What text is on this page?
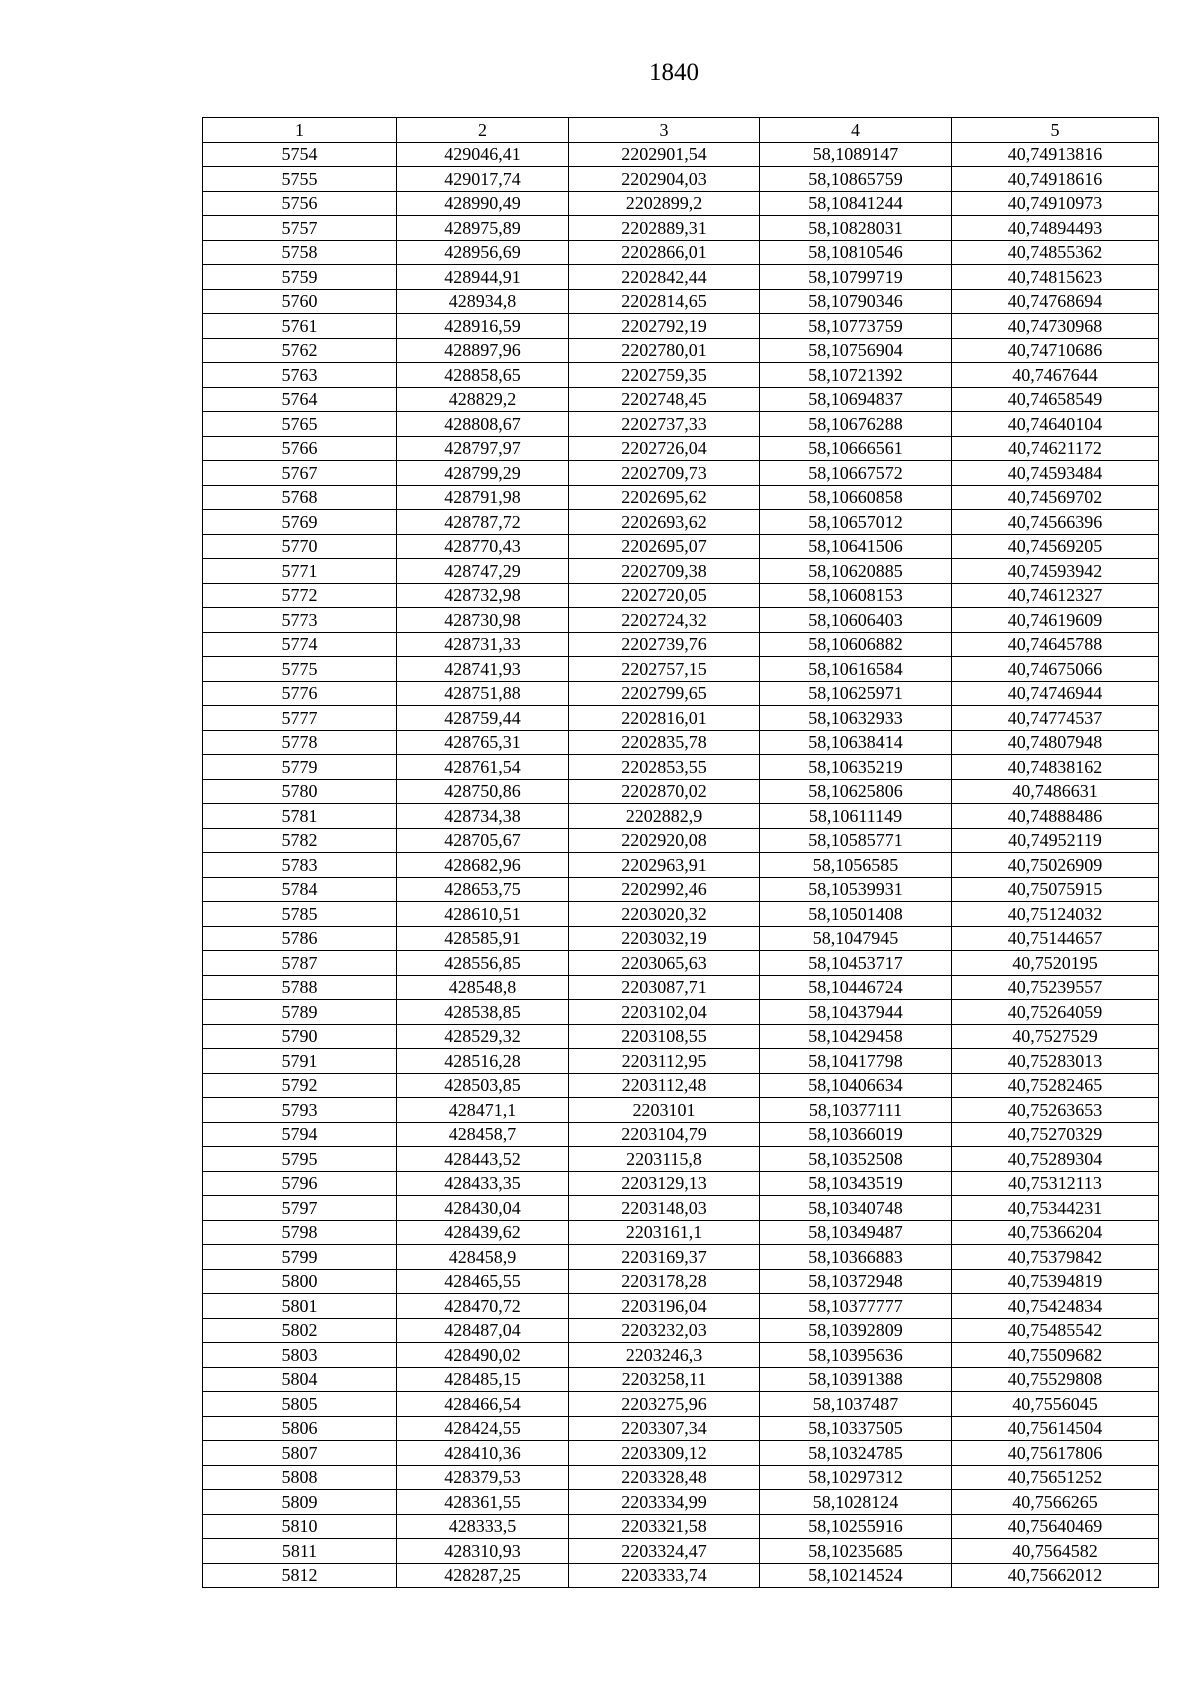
1840
1	2	3	4	5
5754	429046,41	2202901,54	58,1089147	40,74913816
5755	429017,74	2202904,03	58,10865759	40,74918616
5756	428990,49	2202899,2	58,10841244	40,74910973
5757	428975,89	2202889,31	58,10828031	40,74894493
5758	428956,69	2202866,01	58,10810546	40,74855362
5759	428944,91	2202842,44	58,10799719	40,74815623
5760	428934,8	2202814,65	58,10790346	40,74768694
5761	428916,59	2202792,19	58,10773759	40,74730968
5762	428897,96	2202780,01	58,10756904	40,74710686
5763	428858,65	2202759,35	58,10721392	40,7467644
5764	428829,2	2202748,45	58,10694837	40,74658549
5765	428808,67	2202737,33	58,10676288	40,74640104
5766	428797,97	2202726,04	58,10666561	40,74621172
5767	428799,29	2202709,73	58,10667572	40,74593484
5768	428791,98	2202695,62	58,10660858	40,74569702
5769	428787,72	2202693,62	58,10657012	40,74566396
5770	428770,43	2202695,07	58,10641506	40,74569205
5771	428747,29	2202709,38	58,10620885	40,74593942
5772	428732,98	2202720,05	58,10608153	40,74612327
5773	428730,98	2202724,32	58,10606403	40,74619609
5774	428731,33	2202739,76	58,10606882	40,74645788
5775	428741,93	2202757,15	58,10616584	40,74675066
5776	428751,88	2202799,65	58,10625971	40,74746944
5777	428759,44	2202816,01	58,10632933	40,74774537
5778	428765,31	2202835,78	58,10638414	40,74807948
5779	428761,54	2202853,55	58,10635219	40,74838162
5780	428750,86	2202870,02	58,10625806	40,7486631
5781	428734,38	2202882,9	58,10611149	40,74888486
5782	428705,67	2202920,08	58,10585771	40,74952119
5783	428682,96	2202963,91	58,1056585	40,75026909
5784	428653,75	2202992,46	58,10539931	40,75075915
5785	428610,51	2203020,32	58,10501408	40,75124032
5786	428585,91	2203032,19	58,1047945	40,75144657
5787	428556,85	2203065,63	58,10453717	40,7520195
5788	428548,8	2203087,71	58,10446724	40,75239557
5789	428538,85	2203102,04	58,10437944	40,75264059
5790	428529,32	2203108,55	58,10429458	40,7527529
5791	428516,28	2203112,95	58,10417798	40,75283013
5792	428503,85	2203112,48	58,10406634	40,75282465
5793	428471,1	2203101	58,10377111	40,75263653
5794	428458,7	2203104,79	58,10366019	40,75270329
5795	428443,52	2203115,8	58,10352508	40,75289304
5796	428433,35	2203129,13	58,10343519	40,75312113
5797	428430,04	2203148,03	58,10340748	40,75344231
5798	428439,62	2203161,1	58,10349487	40,75366204
5799	428458,9	2203169,37	58,10366883	40,75379842
5800	428465,55	2203178,28	58,10372948	40,75394819
5801	428470,72	2203196,04	58,10377777	40,75424834
5802	428487,04	2203232,03	58,10392809	40,75485542
5803	428490,02	2203246,3	58,10395636	40,75509682
5804	428485,15	2203258,11	58,10391388	40,75529808
5805	428466,54	2203275,96	58,1037487	40,7556045
5806	428424,55	2203307,34	58,10337505	40,75614504
5807	428410,36	2203309,12	58,10324785	40,75617806
5808	428379,53	2203328,48	58,10297312	40,75651252
5809	428361,55	2203334,99	58,1028124	40,7566265
5810	428333,5	2203321,58	58,10255916	40,75640469
5811	428310,93	2203324,47	58,10235685	40,7564582
5812	428287,25	2203333,74	58,10214524	40,75662012
